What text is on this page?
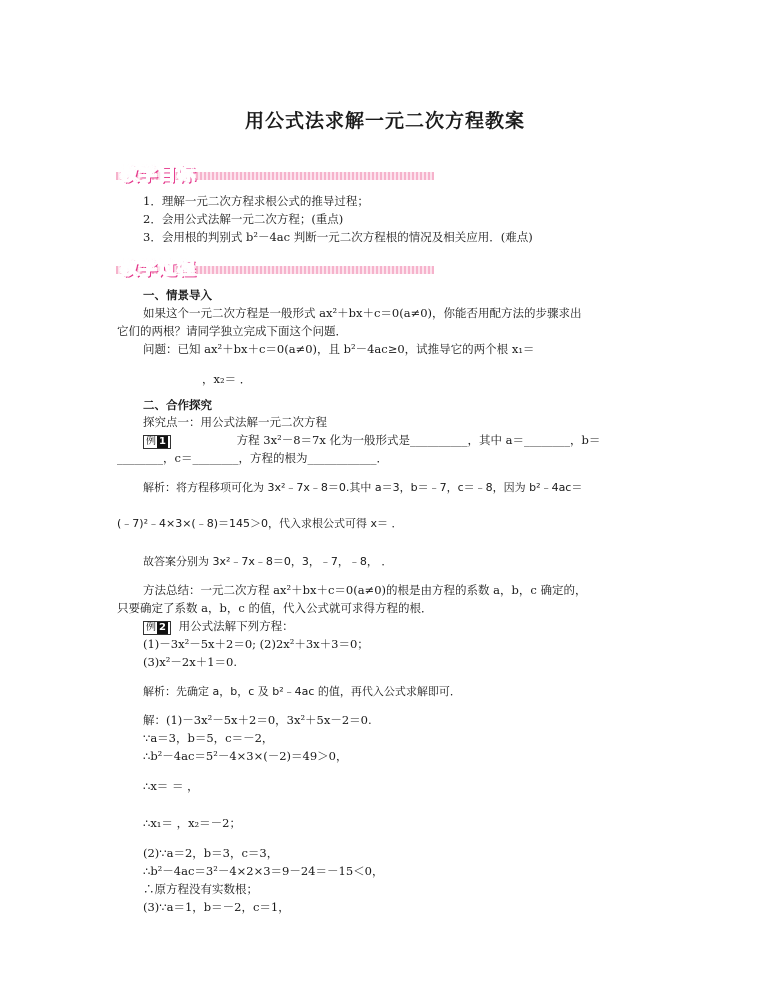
用公式法求解一元二次方程教案
教学目标
1．理解一元二次方程求根公式的推导过程；
2．会用公式法解一元二次方程；(重点)
3．会用根的判别式 b²－4ac 判断一元二次方程根的情况及相关应用．(难点)
教学过程
一、情景导入
如果这个一元二次方程是一般形式 ax²＋bx＋c＝0(a≠0)，你能否用配方法的步骤求出
它们的两根？请同学独立完成下面这个问题．
问题：已知 ax²＋bx＋c＝0(a≠0)，且 b²－4ac≥0，试推导它的两个根 x₁＝
，x₂＝ ．
二、合作探究
探究点一：用公式法解一元二次方程
例 1	方程 3x²－8＝7x 化为一般形式是__________，其中 a＝________，b＝
________，c＝________，方程的根为____________．
解析：将方程移项可化为 3x²﹣7x﹣8＝0.其中 a＝3，b＝﹣7，c＝﹣8，因为 b²﹣4ac＝
(﹣7)²﹣4×3×(﹣8)＝145＞0，代入求根公式可得 x＝ ．
故答案分别为 3x²﹣7x﹣8＝0，3，﹣7，﹣8， ．
方法总结：一元二次方程 ax²＋bx＋c＝0(a≠0)的根是由方程的系数 a，b，c 确定的，
只要确定了系数 a，b，c 的值，代入公式就可求得方程的根．
例 2 用公式法解下列方程：
(1)－3x²－5x＋2＝0; (2)2x²＋3x＋3＝0；
(3)x²－2x＋1＝0.
解析：先确定 a，b，c 及 b²﹣4ac 的值，再代入公式求解即可．
解：(1)－3x²－5x＋2＝0，3x²＋5x－2＝0.
∵a＝3，b＝5，c＝－2，
∴b²－4ac＝5²－4×3×(－2)＝49＞0，
∴x＝ ＝ ，
∴x₁＝ ，x₂＝－2；
(2)∵a＝2，b＝3，c＝3，
∴b²－4ac＝3²－4×2×3＝9－24＝－15＜0，
∴原方程没有实数根；
(3)∵a＝1，b＝－2，c＝1，
